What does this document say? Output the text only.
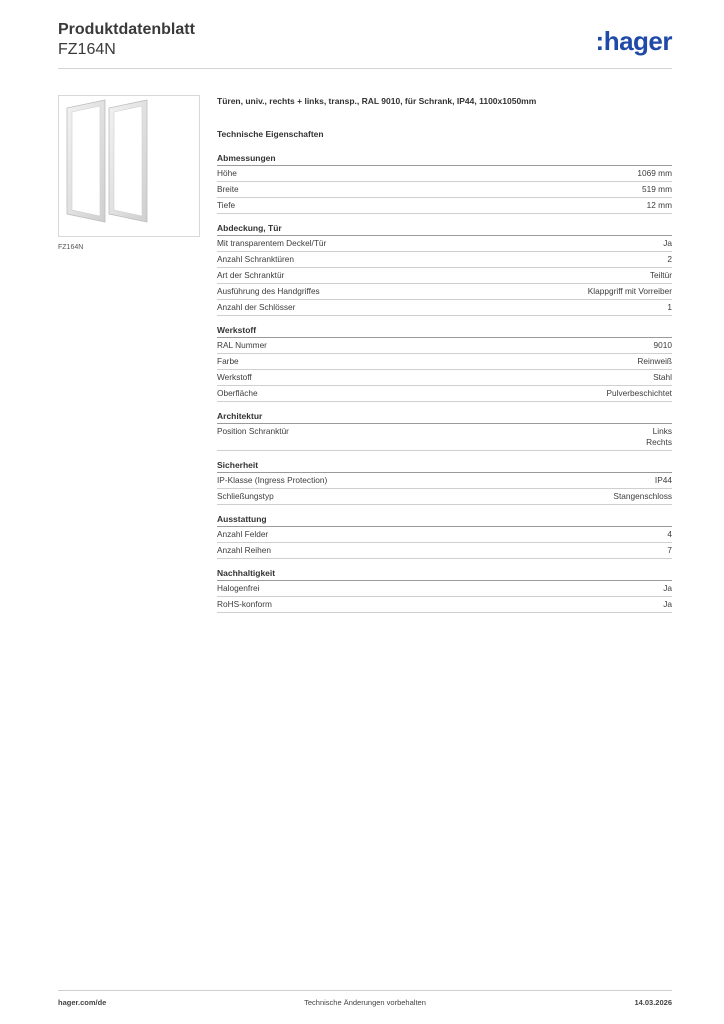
Produktdatenblatt
FZ164N	:hager
FZ164N
Türen, univ., rechts + links, transp., RAL 9010, für Schrank, IP44, 1100x1050mm
Technische Eigenschaften
Abmessungen
Höhe	1069 mm
Breite	519 mm
Tiefe	12 mm
Abdeckung, Tür
Mit transparentem Deckel/Tür	Ja
Anzahl Schranktüren	2
Art der Schranktür	Teiltür
Ausführung des Handgriffes	Klappgriff mit Vorreiber
Anzahl der Schlösser	1
Werkstoff
RAL Nummer	9010
Farbe	Reinweiß
Werkstoff	Stahl
Oberfläche	Pulverbeschichtet
Architektur
Position Schranktür	Links
Rechts
Sicherheit
IP-Klasse (Ingress Protection)	IP44
Schließungstyp	Stangenschloss
Ausstattung
Anzahl Felder	4
Anzahl Reihen	7
Nachhaltigkeit
Halogenfrei	Ja
RoHS-konform	Ja
hager.com/de	Technische Änderungen vorbehalten	14.03.2026
